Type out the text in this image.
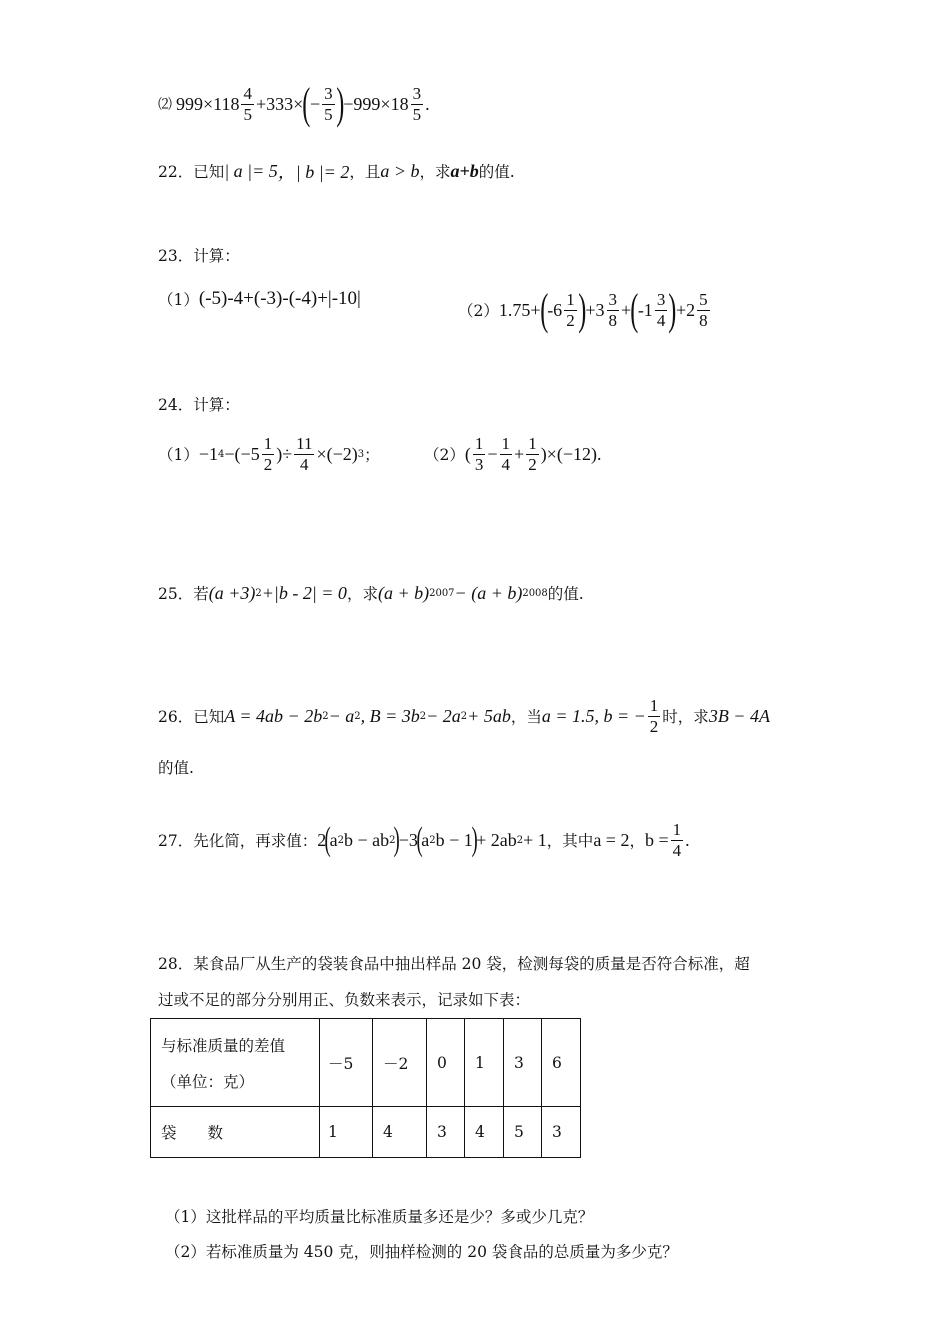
⑵ $999\times 118 \frac{4}{5} +333\times$ ( − $\frac{3}{5}$ ) $-999\times 18 \frac{3}{5}$ .
22．已知 | a |= 5 ，| b |= 2 ，且 a > b ，求 a+b 的值.
23．计算：
（1） (-5)-4+(-3)-(-4)+|-10|
（2） 1.75+ ( $-6 \frac{1}{2}$ ) $+3 \frac{3}{8}$ + ( $-1 \frac{3}{4}$ ) $+2 \frac{5}{8}$
24．计算：
（1） −1 $4 -(-5 \frac{1}{2}$ )÷ $\frac{11}{4} \times(-2)$ 3 ；	（2） ( $\frac{1}{3} - \frac{1}{4} + \frac{1}{2} )\times(-12)$.
25．若 (a +3) 2 +|b - 2| = 0 ，求 (a + b) 2007 − (a + b) 2008 的值.
26．已知 A = 4ab − 2b 2 − a 2 , B = 3b 2 − 2a 2 + 5ab ，当 a = 1.5, b = − $\frac{1}{2}$ 时，求 3B − 4A
的值.
27．先化简，再求值： 2
(
a 2 b − ab 2
)
−3
(
a 2 b − 1
)
+ 2ab 2 + 1 ，其中 a = 2 ， $b = \frac{1}{4}$ .
28．某食品厂从生产的袋装食品中抽出样品 20 袋，检测每袋的质量是否符合标准，超
过或不足的部分分别用正、负数来表示，记录如下表：
与标准质量的差值
（单位：克）	－5	－2	0	1	3	6
袋　　数	1	4	3	4	5	3
（1）这批样品的平均质量比标准质量多还是少？多或少几克？
（2）若标准质量为 450 克，则抽样检测的 20 袋食品的总质量为多少克？
